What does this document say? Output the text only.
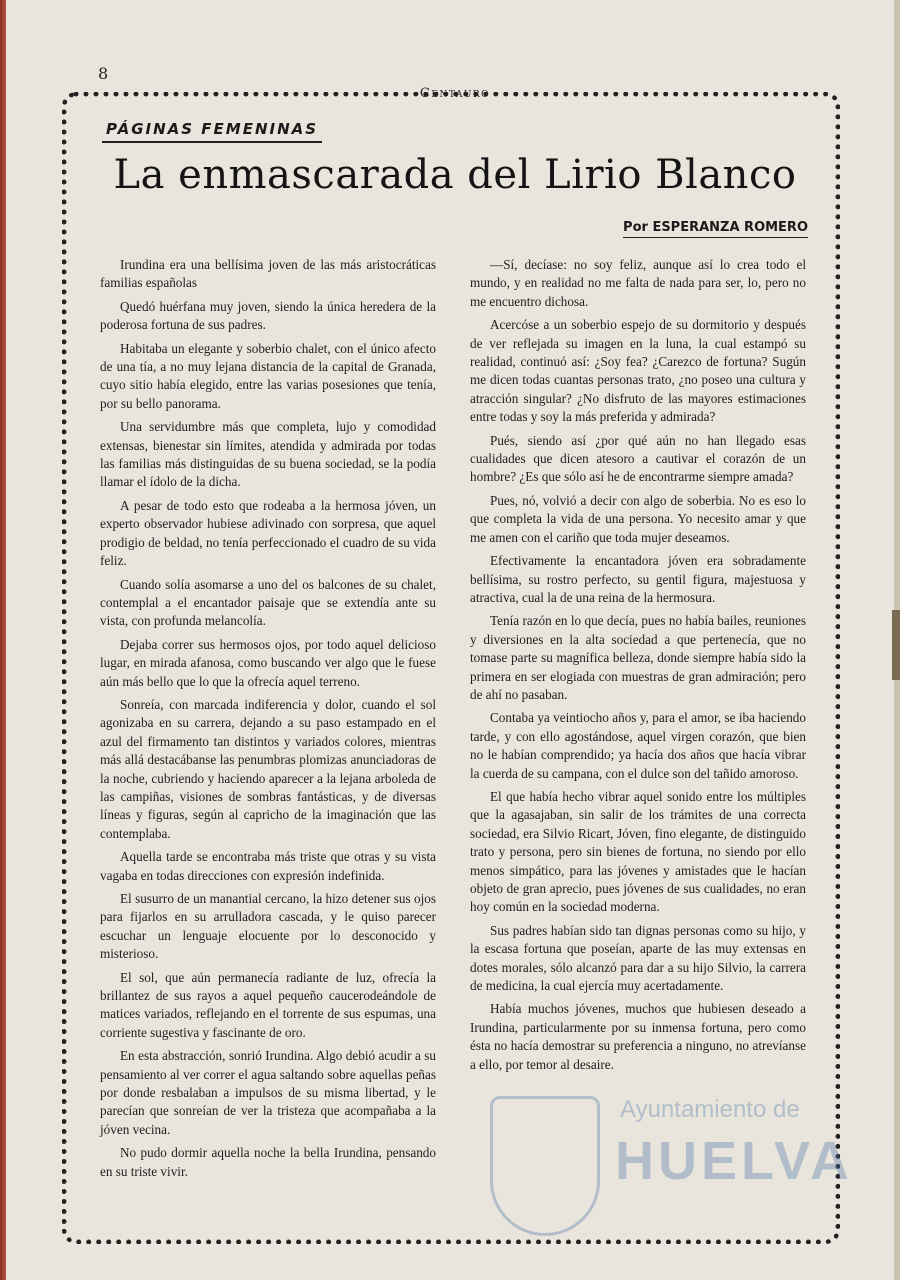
8

Centauro
PÁGINAS FEMENINAS
La enmascarada del Lirio Blanco
Por ESPERANZA ROMERO

Irundina era una bellísima joven de las más aristocráticas familias españolas

Quedó huérfana muy joven, siendo la única heredera de la poderosa fortuna de sus padres.

Habitaba un elegante y soberbio chalet, con el único afecto de una tía, a no muy lejana distancia de la capital de Granada, cuyo sitio había elegido, entre las varias posesiones que tenía, por su bello panorama.

Una servidumbre más que completa, lujo y comodidad extensas, bienestar sin límites, atendida y admirada por todas las familias más distinguidas de su buena sociedad, se la podía llamar el ídolo de la dicha.

A pesar de todo esto que rodeaba a la hermosa jóven, un experto observador hubiese adivinado con sorpresa, que aquel prodigio de beldad, no tenía perfeccionado el cuadro de su vida feliz.

Cuando solía asomarse a uno del os balcones de su chalet, contemplal a el encantador paisaje que se extendía ante su vista, con profunda melancolía.

Dejaba correr sus hermosos ojos, por todo aquel delicioso lugar, en mirada afanosa, como buscando ver algo que le fuese aún más bello que lo que la ofrecía aquel terreno.

Sonreía, con marcada indiferencia y dolor, cuando el sol agonizaba en su carrera, dejando a su paso estampado en el azul del firmamento tan distintos y variados colores, mientras más allá destacábanse las penumbras plomizas anunciadoras de la noche, cubriendo y haciendo aparecer a la lejana arboleda de las campiñas, visiones de sombras fantásticas, y de diversas líneas y figuras, según al capricho de la imaginación que las contemplaba.

Aquella tarde se encontraba más triste que otras y su vista vagaba en todas direcciones con expresión indefinida.

El susurro de un manantial cercano, la hizo detener sus ojos para fijarlos en su arrulladora cascada, y le quiso parecer escuchar un lenguaje elocuente por lo desconocido y misterioso.

El sol, que aún permanecía radiante de luz, ofrecía la brillantez de sus rayos a aquel pequeño caucerodeándole de matices variados, reflejando en el torrente de sus espumas, una corriente sugestiva y fascinante de oro.

En esta abstracción, sonrió Irundina. Algo debió acudir a su pensamiento al ver correr el agua saltando sobre aquellas peñas por donde resbalaban a impulsos de su misma libertad, y le parecían que sonreían de ver la tristeza que acompañaba a la jóven vecina.

No pudo dormir aquella noche la bella Irundina, pensando en su triste vivir.

—Sí, decíase: no soy feliz, aunque así lo crea todo el mundo, y en realidad no me falta de nada para ser, lo, pero no me encuentro dichosa.

Acercóse a un soberbio espejo de su dormitorio y después de ver reflejada su imagen en la luna, la cual estampó su realidad, continuó así: ¿Soy fea? ¿Carezco de fortuna? Sugún me dicen todas cuantas personas trato, ¿no poseo una cultura y atracción singular? ¿No disfruto de las mayores estimaciones entre todas y soy la más preferida y admirada?

Pués, siendo así ¿por qué aún no han llegado esas cualidades que dicen atesoro a cautivar el corazón de un hombre? ¿Es que sólo así he de encontrarme siempre amada?

Pues, nó, volvió a decir con algo de soberbia. No es eso lo que completa la vida de una persona. Yo necesito amar y que me amen con el cariño que toda mujer deseamos.

Efectivamente la encantadora jóven era sobradamente bellísima, su rostro perfecto, su gentil figura, majestuosa y atractiva, cual la de una reina de la hermosura.

Tenía razón en lo que decía, pues no había bailes, reuniones y diversiones en la alta sociedad a que pertenecía, que no tomase parte su magnífica belleza, donde siempre había sido la primera en ser elogiada con muestras de gran admiración; pero de ahí no pasaban.

Contaba ya veintiocho años y, para el amor, se iba haciendo tarde, y con ello agostándose, aquel virgen corazón, que bien no le habían comprendido; ya hacía dos años que hacía vibrar la cuerda de su campana, con el dulce son del tañido amoroso.

El que había hecho vibrar aquel sonido entre los múltiples que la agasajaban, sin salir de los trámites de una correcta sociedad, era Silvio Ricart, Jóven, fino elegante, de distinguido trato y persona, pero sin bienes de fortuna, no siendo por ello menos simpático, para las jóvenes y amistades que le hacían objeto de gran aprecio, pues jóvenes de sus cualidades, no eran hoy común en la sociedad moderna.

Sus padres habían sido tan dignas personas como su hijo, y la escasa fortuna que poseían, aparte de las muy extensas en dotes morales, sólo alcanzó para dar a su hijo Silvio, la carrera de medicina, la cual ejercía muy acertadamente.

Había muchos jóvenes, muchos que hubiesen deseado a Irundina, particularmente por su inmensa fortuna, pero como ésta no hacía demostrar su preferencia a ninguno, no atrevíanse a ello, por temor al desaire.

Ayuntamiento de
HUELVA
